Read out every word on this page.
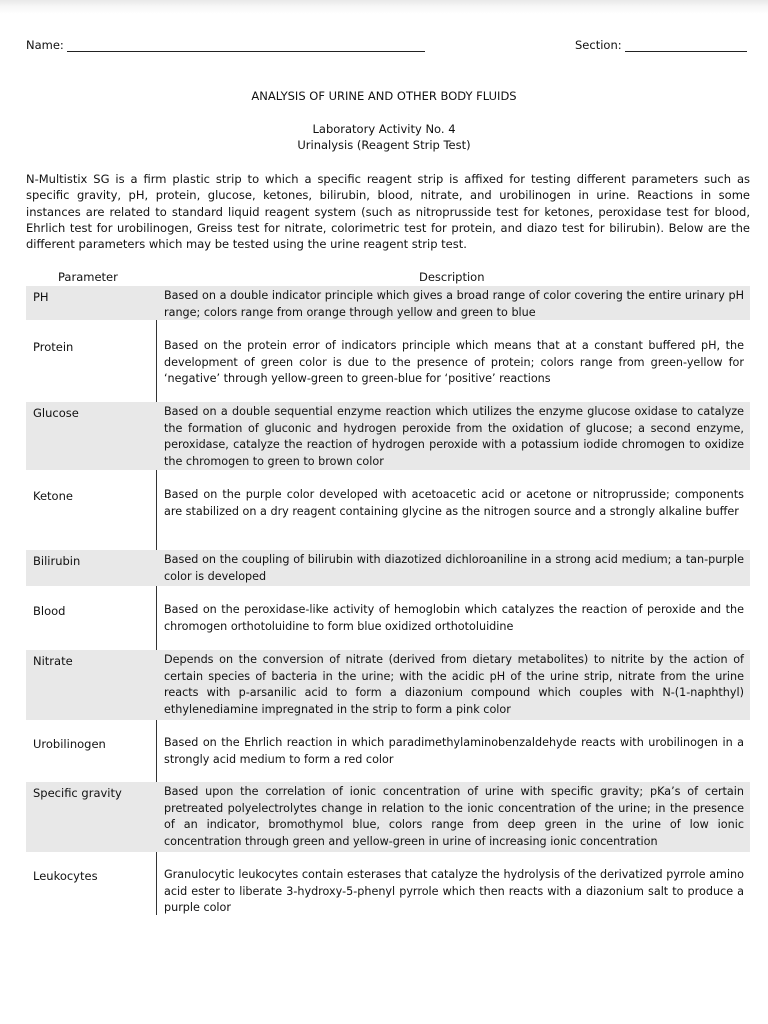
Name:	Section:
ANALYSIS OF URINE AND OTHER BODY FLUIDS
Laboratory Activity No. 4
Urinalysis (Reagent Strip Test)

N-Multistix SG is a firm plastic strip to which a specific reagent strip is affixed for testing different parameters such as specific gravity, pH, protein, glucose, ketones, bilirubin, blood, nitrate, and urobilinogen in urine. Reactions in some instances are related to standard liquid reagent system (such as nitroprusside test for ketones, peroxidase test for blood, Ehrlich test for urobilinogen, Greiss test for nitrate, colorimetric test for protein, and diazo test for bilirubin). Below are the different parameters which may be tested using the urine reagent strip test.

Parameter	Description
PH	Based on a double indicator principle which gives a broad range of color covering the entire urinary pH range; colors range from orange through yellow and green to blue

Protein	Based on the protein error of indicators principle which means that at a constant buffered pH, the development of green color is due to the presence of protein; colors range from green-yellow for ‘negative’ through yellow-green to green-blue for ‘positive’ reactions

Glucose	Based on a double sequential enzyme reaction which utilizes the enzyme glucose oxidase to catalyze the formation of gluconic and hydrogen peroxide from the oxidation of glucose; a second enzyme, peroxidase, catalyze the reaction of hydrogen peroxide with a potassium iodide chromogen to oxidize the chromogen to green to brown color

Ketone	Based on the purple color developed with acetoacetic acid or acetone or nitroprusside; components are stabilized on a dry reagent containing glycine as the nitrogen source and a strongly alkaline buffer

Bilirubin	Based on the coupling of bilirubin with diazotized dichloroaniline in a strong acid medium; a tan-purple color is developed

Blood	Based on the peroxidase-like activity of hemoglobin which catalyzes the reaction of peroxide and the chromogen orthotoluidine to form blue oxidized orthotoluidine

Nitrate	Depends on the conversion of nitrate (derived from dietary metabolites) to nitrite by the action of certain species of bacteria in the urine; with the acidic pH of the urine strip, nitrate from the urine reacts with p-arsanilic acid to form a diazonium compound which couples with N-(1-naphthyl) ethylenediamine impregnated in the strip to form a pink color

Urobilinogen	Based on the Ehrlich reaction in which paradimethylaminobenzaldehyde reacts with urobilinogen in a strongly acid medium to form a red color

Specific gravity	Based upon the correlation of ionic concentration of urine with specific gravity; pKa’s of certain pretreated polyelectrolytes change in relation to the ionic concentration of the urine; in the presence of an indicator, bromothymol blue, colors range from deep green in the urine of low ionic concentration through green and yellow-green in urine of increasing ionic concentration

Leukocytes	Granulocytic leukocytes contain esterases that catalyze the hydrolysis of the derivatized pyrrole amino acid ester to liberate 3-hydroxy-5-phenyl pyrrole which then reacts with a diazonium salt to produce a purple color
